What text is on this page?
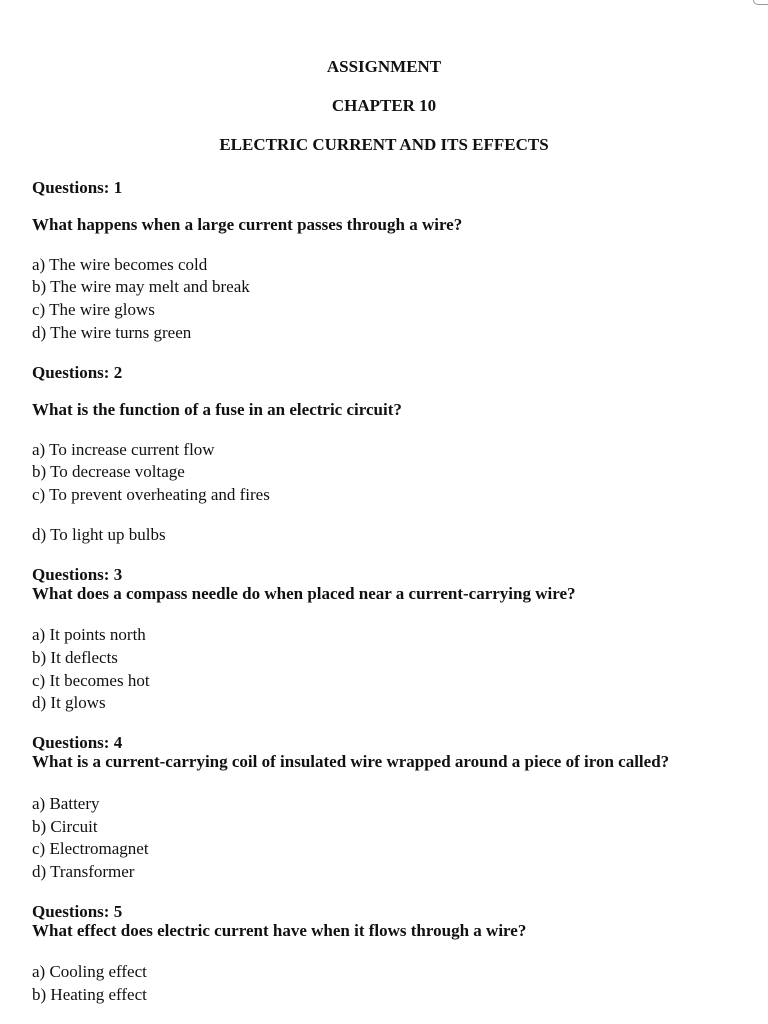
ASSIGNMENT
CHAPTER 10
ELECTRIC CURRENT AND ITS EFFECTS
Questions: 1
What happens when a large current passes through a wire?
a) The wire becomes cold
b) The wire may melt and break
c) The wire glows
d) The wire turns green
Questions: 2
What is the function of a fuse in an electric circuit?
a) To increase current flow
b) To decrease voltage
c) To prevent overheating and fires
d) To light up bulbs
Questions: 3
What does a compass needle do when placed near a current-carrying wire?
a) It points north
b) It deflects
c) It becomes hot
d) It glows
Questions: 4
What is a current-carrying coil of insulated wire wrapped around a piece of iron called?
a) Battery
b) Circuit
c) Electromagnet
d) Transformer
Questions: 5
What effect does electric current have when it flows through a wire?
a) Cooling effect
b) Heating effect
